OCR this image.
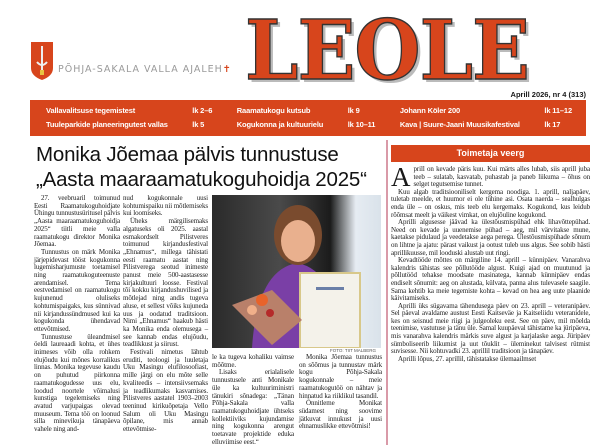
PÕHJA-SAKALA VALLA AJALEH✝ LEOLE
Aprill 2026, nr 4 (313)
Vallavalitsuse tegemistest	lk 2–6
Tuuleparkide planeeringutest vallas	lk 5
Raamatukogu kutsub	lk 9
Kogukonna ja kultuurielu	lk 10–11
Johann Köler 200	lk 11–12
Kava | Suure-Jaani Muusikafestival	lk 17
Monika Jõemaa pälvis tunnustuse „Aasta maaraamatukoguhoidja 2025“

27. veebruaril toimunud Eesti Raamatukoguhoidjate Ühingu tunnustusüritusel pälvis „Aasta maaraamatukoguhoidja 2025“ tiitli meie valla raamatukogu direktor Monika Jõemaa.

Tunnustus on märk Monika järjepidevast tööst kogukonna lugemisharjumuste toetamisel ning raamatukoguteenuste arendamisel. Tema eestvedamisel on raamatukogu kujunenud oluliseks kohtumispaigaks, kus sünnivad nii kirjandussündmused kui ka kogukonda ühendavad ettevõtmised.

Tunnustuse üleandmisel öeldi laureaadi kohta, et ühes inimeses võib olla rohkem elujõudu kui mõnes korralikus linnas. Monika tegevuse kaudu on puhutud piirkonna raamatukogudesse uus elu, loodud noortele võimalusi kunstiga tegelemiseks ning avatud varjupaigas olevad muuseum. Tema töö on loonud silla minevikuja tänapäeva vahele ning and-

nud kogukonnale uusi kohtumispaiku nii mõtlemiseks kui loomiseks.

Üheks märgilisemaks algatuseks oli 2025. aastal esmakordselt Pilistveres toimunud kirjandusfestival „Ehnamus“, millega tähistati eesti raamatu aastat ning Pilistverega seotud inimeste panust meie 500-aastasesse kirjakultuuri loosse. Festival tõi kokku kirjandushuvilised ja mõtlejad ning andis tugeva aluse, et sellest võiks kujuneda uus ja oodatud traditsioon. Nimi „Ehnamus“ haakub hästi ka Monika enda olemusega – see kannab endas elujõudu, teadlikkust ja siirust.

Festivali nimetus lähtub eruditi, teoloogi ja luuletaja Uku Masingu elufilosoofiast, mille järgi on elu mõte selle kvaliteedis – intensiivsemaks ja teadlikumaks kasvamises. Pilistveres aastatel 1903–2003 teeninud kirikuõpetaja Vello Salum oli Uku Masingu õpilane, mis annab ettevõtmise-

FOTO: TIIT MALBERG

le ka tugeva kohaliku vaimse mõõtme.

Lisaks erialalisele tunnustusele anti Monikale üle ka kultuuriministri tänukiri sõnadega: „Tänan Põhja-Sakala valla raamatukoguhoidjate ühtseks kollektiiviks kujundamise ning kogukonna arengut toetavate projektide eduka elluviimise eest.“

Monika Jõemaa tunnustus on sõõmus ja tunnustav märk kogu Põhja-Sakala kogukonnale – meie raamatukogutöö on nähtav ja hinnatud ka riiklikul tasandil.

Õnnitleme Monikat südamest ning soovime jätkuvat innukust ja uusi ehnamuslikke ettevõtmisi!

Toimetaja veerg

Aprill on kevade päris kuu. Kui märts alles lubab, siis aprill juba teeb – sulatab, kasvatab, puhastab ja paneb liikuma – õhus on selget tegutsemise tunnet.

Kuu algab traditsiooniliselt kergema noodiga. 1. aprill, naljapäev, tuletab meelde, et huumor ei ole tühine asi. Osata naerda – sealhulgas enda üle – on oskus, mis teeb elu kergemaks. Kogukond, kus leidub rõõmsat meelt ja väikest vimkat, on elujõuline kogukond.

Aprilli algusesse jäävad ka ülestõusmispühad ehk lihavõttepühad. Need on kevade ja uuenemise pühad – aeg, mil värvitakse mune, kaetakse pidulaud ja veedetakse aega perega. Ülestõusmispühade sõnum on lihtne ja ajatu: pärast vaikust ja ootust tuleb uus algus. See sobib hästi aprillikuusse, mil looduski alustab uut ringi.

Kevadtööde mõttes on märgiline 14. aprill – künnipäev. Vanarahva kalendris tähistas see põllutööde algust. Kuigi ajad on muutunud ja põllutööd tehakse moodsate masinatega, kannab künnipäev endas endiselt sõnumit: aeg on alustada, külvata, panna alus tulevasele saagile. Sama kehtib ka meie tegemiste kohta – kevad on hea aeg uute plaanide käivitamiseks.

Aprilli üks sügavama tähendusega päev on 23. aprill – veteranipäev. Sel päeval avaldame austust Eesti Kaitseväe ja Kaitseliidu veteranidele, kes on seisnud meie riigi ja julgeoleku eest. See on päev, mil mõelda teenimise, vastutuse ja tänu üle. Samal kuupäeval tähistame ka jüripäeva, mis vanarahva kalendris märkis suve algust ja karjalaske aega. Jüripäev sümboliseerib liikumist ja uut tõuklit – üleminekut talvisest rütmist suvisesse. Nii kohtuvadki 23. aprillil traditsioon ja tänapäev.

Aprilli lõpus, 27. aprillil, tähistatakse ülemaailmset
